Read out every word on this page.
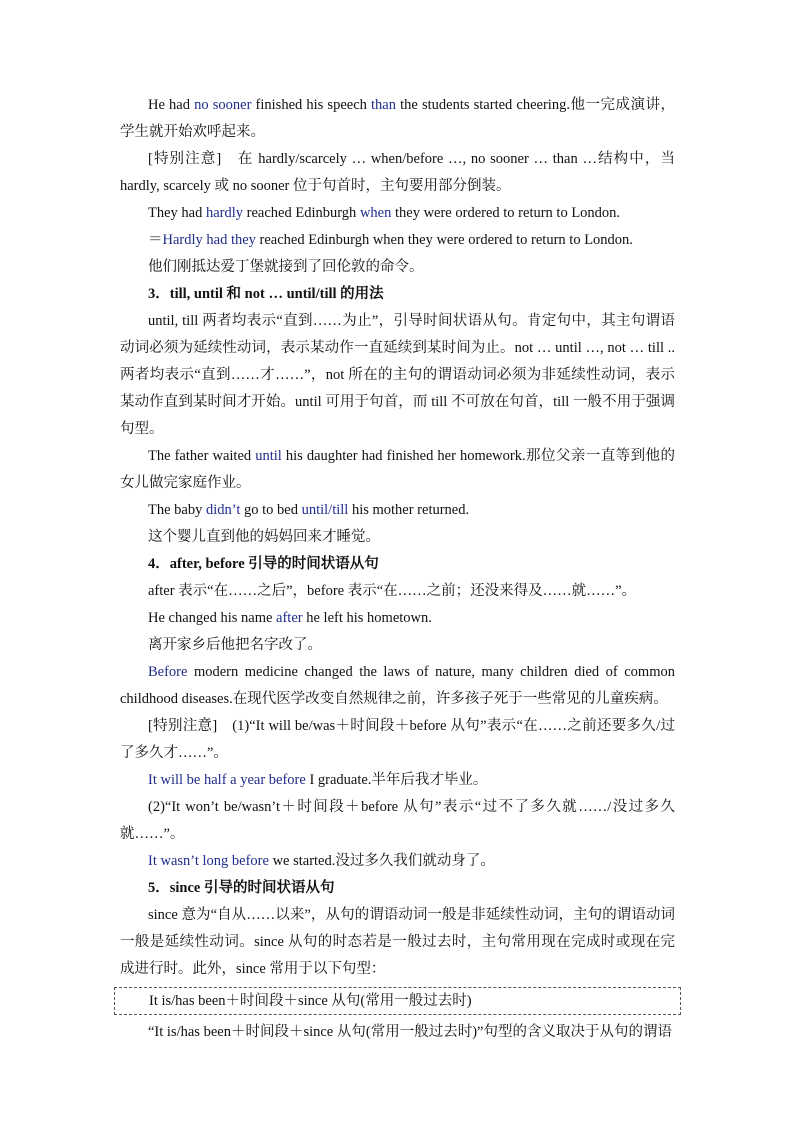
He had no sooner finished his speech than the students started cheering.他一完成演讲，学生就开始欢呼起来。

[特别注意]　在 hardly/scarcely … when/before …, no sooner … than …结构中，当 hardly, scarcely 或 no sooner 位于句首时，主句要用部分倒装。

They had hardly reached Edinburgh when they were ordered to return to London.

＝Hardly had they reached Edinburgh when they were ordered to return to London.

他们刚抵达爱丁堡就接到了回伦敦的命令。

3．till, until 和 not … until/till 的用法

until, till 两者均表示“直到……为止”，引导时间状语从句。肯定句中，其主句谓语动词必须为延续性动词，表示某动作一直延续到某时间为止。not … until …, not … till ..两者均表示“直到……才……”，not 所在的主句的谓语动词必须为非延续性动词，表示某动作直到某时间才开始。until 可用于句首，而 till 不可放在句首，till 一般不用于强调句型。

The father waited until his daughter had finished her homework.那位父亲一直等到他的女儿做完家庭作业。

The baby didn’t go to bed until/till his mother returned.

这个婴儿直到他的妈妈回来才睡觉。

4．after, before 引导的时间状语从句

after 表示“在……之后”，before 表示“在……之前；还没来得及……就……”。

He changed his name after he left his hometown.

离开家乡后他把名字改了。

Before modern medicine changed the laws of nature, many children died of common childhood diseases.在现代医学改变自然规律之前，许多孩子死于一些常见的儿童疾病。

[特别注意]　(1)“It will be/was＋时间段＋before 从句”表示“在……之前还要多久/过了多久才……”。

It will be half a year before I graduate.半年后我才毕业。

(2)“It won’t be/wasn’t＋时间段＋before 从句”表示“过不了多久就……/没过多久就……”。

It wasn’t long before we started.没过多久我们就动身了。

5．since 引导的时间状语从句

since 意为“自从……以来”，从句的谓语动词一般是非延续性动词，主句的谓语动词一般是延续性动词。since 从句的时态若是一般过去时，主句常用现在完成时或现在完成进行时。此外，since 常用于以下句型：

It is/has been＋时间段＋since 从句(常用一般过去时)

“It is/has been＋时间段＋since 从句(常用一般过去时)”句型的含义取决于从句的谓语
